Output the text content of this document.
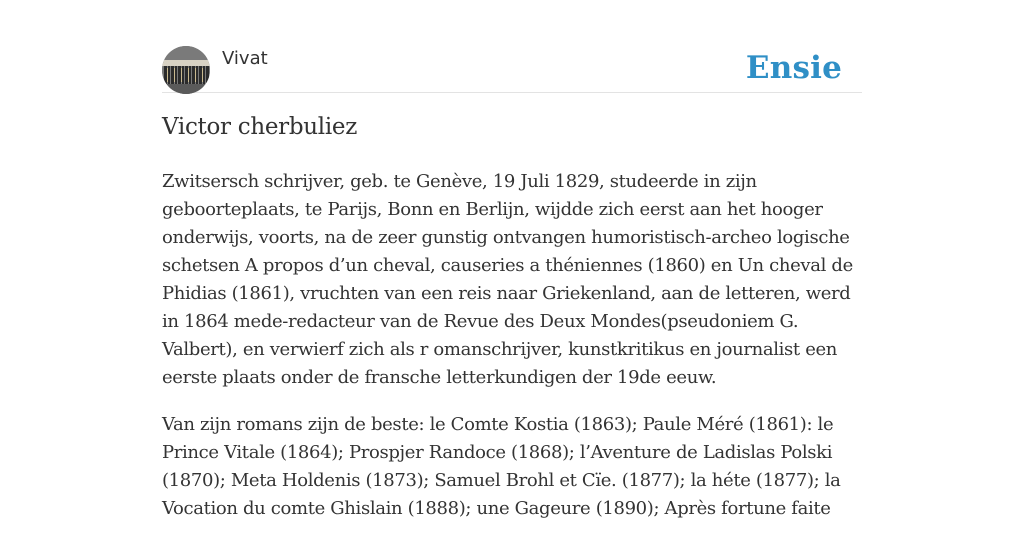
Vivat	Ensie
Victor cherbuliez

Zwitsersch schrijver, geb. te Genève, 19 Juli 1829, studeerde in zijn geboorteplaats, te Parijs, Bonn en Berlijn, wijdde zich eerst aan het hooger onderwijs, voorts, na de zeer gunstig ontvangen humoristisch-archeo logische schetsen A propos d’un cheval, causeries a théniennes (1860) en Un cheval de Phidias (1861), vruchten van een reis naar Griekenland, aan de letteren, werd in 1864 mede-redacteur van de Revue des Deux Mondes(pseudoniem G. Valbert), en verwierf zich als r omanschrijver, kunstkritikus en journalist een eerste plaats onder de fransche letterkundigen der 19de eeuw.

Van zijn romans zijn de beste: le Comte Kostia (1863); Paule Méré (1861): le Prince Vitale (1864); Prospjer Randoce (1868); l’Aventure de Ladislas Polski (1870); Meta Holdenis (1873); Samuel Brohl et Cïe. (1877); la héte (1877); la Vocation du comte Ghislain (1888); une Gageure (1890); Après fortune faite
